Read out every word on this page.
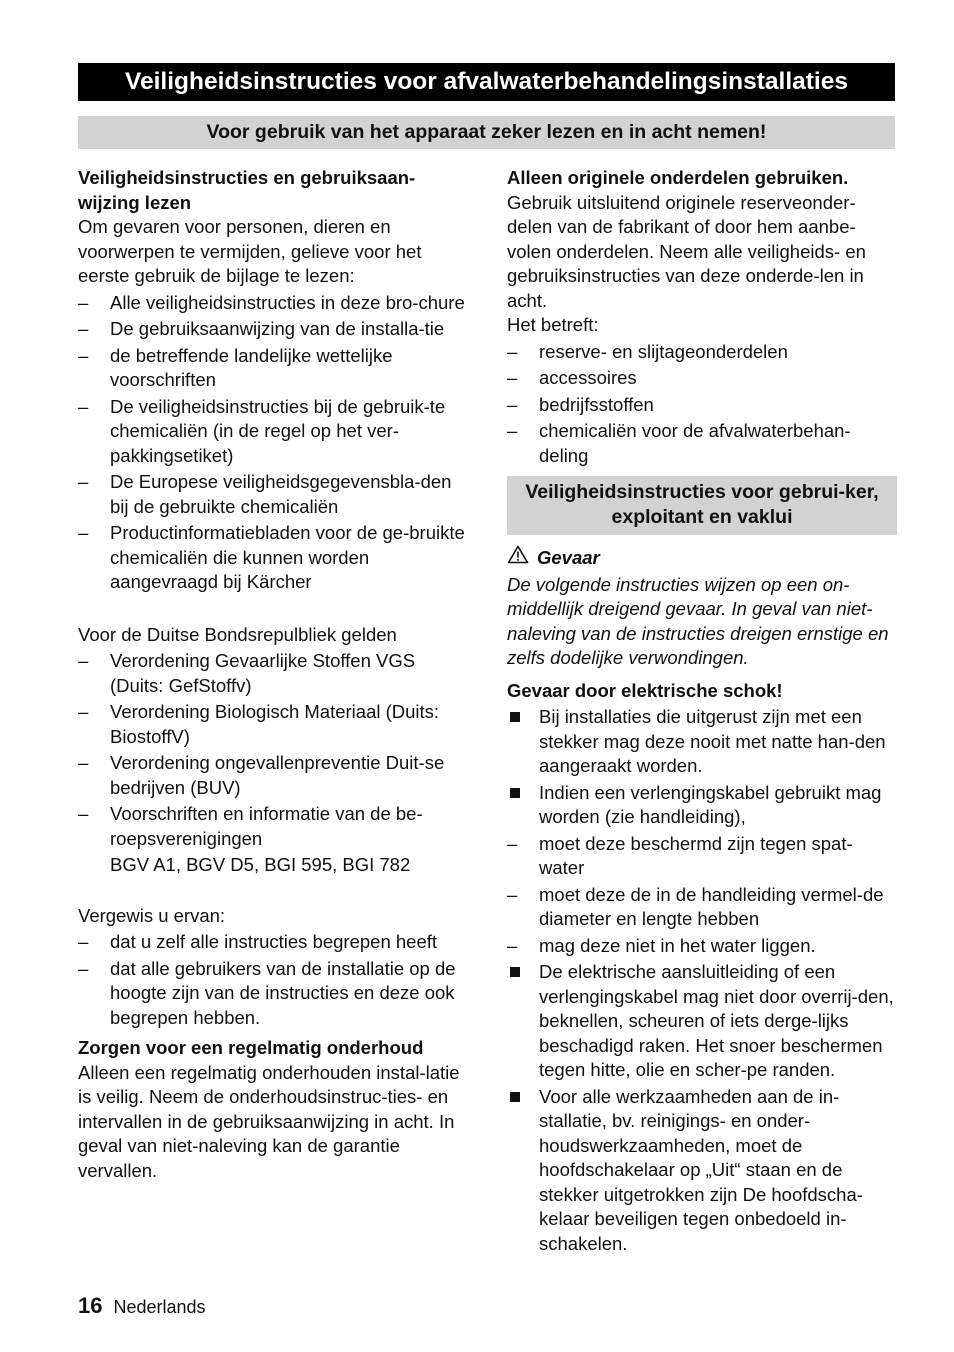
Veiligheidsinstructies voor afvalwaterbehandelingsinstallaties
Voor gebruik van het apparaat zeker lezen en in acht nemen!

Veiligheidsinstructies en gebruiksaan-wijzing lezen

Om gevaren voor personen, dieren en voorwerpen te vermijden, gelieve voor het eerste gebruik de bijlage te lezen:

–	Alle veiligheidsinstructies in deze bro-chure
–	De gebruiksaanwijzing van de installa-tie
–	de betreffende landelijke wettelijke voorschriften
–	De veiligheidsinstructies bij de gebruik-te chemicaliën (in de regel op het ver-pakkingsetiket)
–	De Europese veiligheidsgegevensbla-den bij de gebruikte chemicaliën
–	Productinformatiebladen voor de ge-bruikte chemicaliën die kunnen worden aangevraagd bij Kärcher

Voor de Duitse Bondsrepulbliek gelden

–	Verordening Gevaarlijke Stoffen VGS (Duits: GefStoffv)
–	Verordening Biologisch Materiaal (Duits: BiostoffV)
–	Verordening ongevallenpreventie Duit-se bedrijven (BUV)
–	Voorschriften en informatie van de be-roepsverenigingen

BGV A1, BGV D5, BGI 595, BGI 782

Vergewis u ervan:

–	dat u zelf alle instructies begrepen heeft
–	dat alle gebruikers van de installatie op de hoogte zijn van de instructies en deze ook begrepen hebben.

Zorgen voor een regelmatig onderhoud

Alleen een regelmatig onderhouden instal-latie is veilig. Neem de onderhoudsinstruc-ties- en intervallen in de gebruiksaanwijzing in acht. In geval van niet-naleving kan de garantie vervallen.

Alleen originele onderdelen gebruiken.

Gebruik uitsluitend originele reserveonder-delen van de fabrikant of door hem aanbe-volen onderdelen. Neem alle veiligheids- en gebruiksinstructies van deze onderde-len in acht.

Het betreft:

–	reserve- en slijtageonderdelen
–	accessoires
–	bedrijfsstoffen
–	chemicaliën voor de afvalwaterbehan-deling
Veiligheidsinstructies voor gebrui-ker, exploitant en vaklui
Gevaar

De volgende instructies wijzen op een on-middellijk dreigend gevaar. In geval van niet-naleving van de instructies dreigen ernstige en zelfs dodelijke verwondingen.

Gevaar door elektrische schok!

Bij installaties die uitgerust zijn met een stekker mag deze nooit met natte han-den aangeraakt worden.
Indien een verlengingskabel gebruikt mag worden (zie handleiding),
–	moet deze beschermd zijn tegen spat-water
–	moet deze de in de handleiding vermel-de diameter en lengte hebben
–	mag deze niet in het water liggen.
De elektrische aansluitleiding of een verlengingskabel mag niet door overrij-den, beknellen, scheuren of iets derge-lijks beschadigd raken. Het snoer beschermen tegen hitte, olie en scher-pe randen.
Voor alle werkzaamheden aan de in-stallatie, bv. reinigings- en onder-houdswerkzaamheden, moet de hoofdschakelaar op „Uit“ staan en de stekker uitgetrokken zijn De hoofdscha-kelaar beveiligen tegen onbedoeld in-schakelen.
16 Nederlands
